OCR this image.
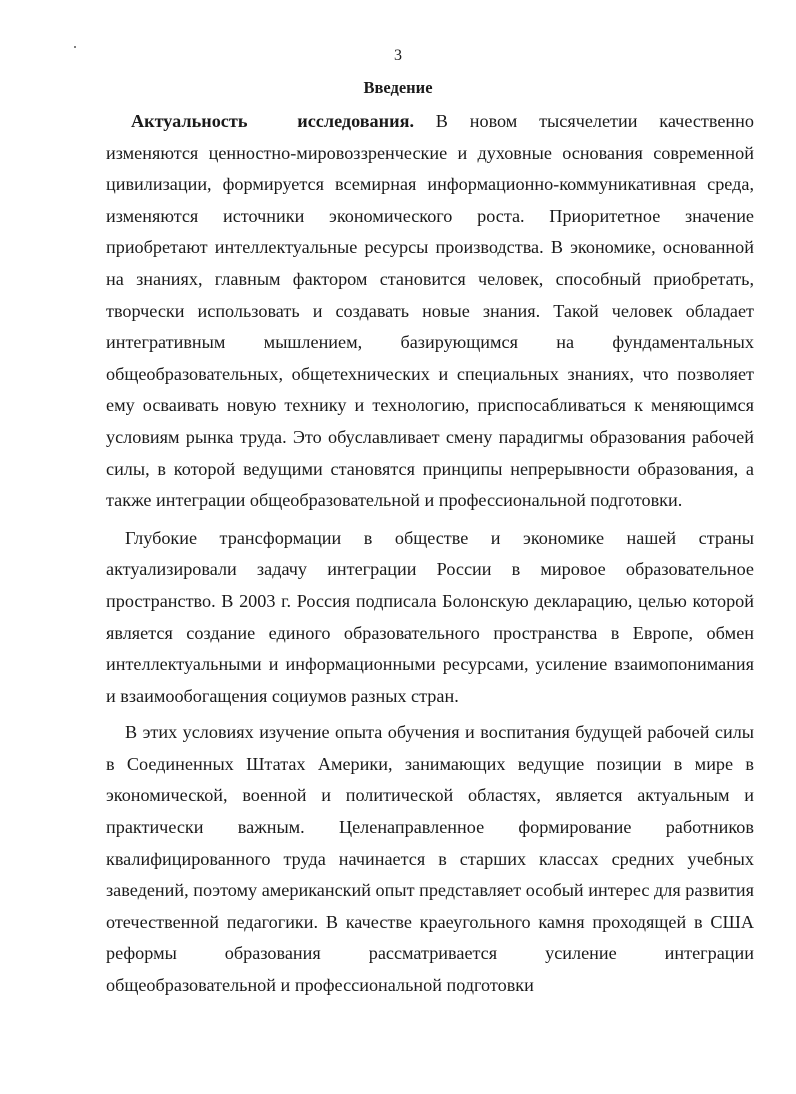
3
Введение

Актуальность исследования. В новом тысячелетии качественно изменяются ценностно-мировоззренческие и духовные основания современной цивилизации, формируется всемирная информационно-коммуникативная среда, изменяются источники экономического роста. Приоритетное значение приобретают интеллектуальные ресурсы производства. В экономике, основанной на знаниях, главным фактором становится человек, способный приобретать, творчески использовать и создавать новые знания. Такой человек обладает интегративным мышлением, базирующимся на фундаментальных общеобразовательных, общетехнических и специальных знаниях, что позволяет ему осваивать новую технику и технологию, приспосабливаться к меняющимся условиям рынка труда. Это обуславливает смену парадигмы образования рабочей силы, в которой ведущими становятся принципы непрерывности образования, а также интеграции общеобразовательной и профессиональной подготовки.

Глубокие трансформации в обществе и экономике нашей страны актуализировали задачу интеграции России в мировое образовательное пространство. В 2003 г. Россия подписала Болонскую декларацию, целью которой является создание единого образовательного пространства в Европе, обмен интеллектуальными и информационными ресурсами, усиление взаимопонимания и взаимообогащения социумов разных стран.

В этих условиях изучение опыта обучения и воспитания будущей рабочей силы в Соединенных Штатах Америки, занимающих ведущие позиции в мире в экономической, военной и политической областях, является актуальным и практически важным. Целенаправленное формирование работников квалифицированного труда начинается в старших классах средних учебных заведений, поэтому американский опыт представляет особый интерес для развития отечественной педагогики. В качестве краеугольного камня проходящей в США реформы образования рассматривается усиление интеграции общеобразовательной и профессиональной подготовки
